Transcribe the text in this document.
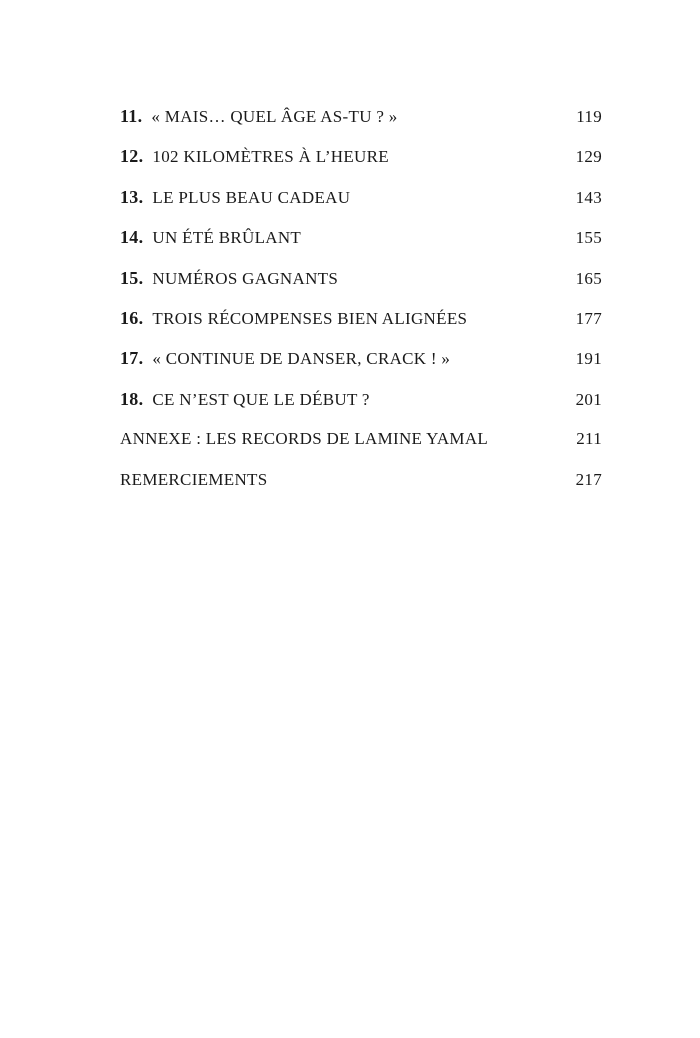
11. « MAIS… QUEL ÂGE AS-TU ? »	119
12. 102 KILOMÈTRES À L’HEURE	129
13. LE PLUS BEAU CADEAU	143
14. UN ÉTÉ BRÛLANT	155
15. NUMÉROS GAGNANTS	165
16. TROIS RÉCOMPENSES BIEN ALIGNÉES	177
17. « CONTINUE DE DANSER, CRACK ! »	191
18. CE N’EST QUE LE DÉBUT ?	201
ANNEXE : LES RECORDS DE LAMINE YAMAL	211
REMERCIEMENTS	217
